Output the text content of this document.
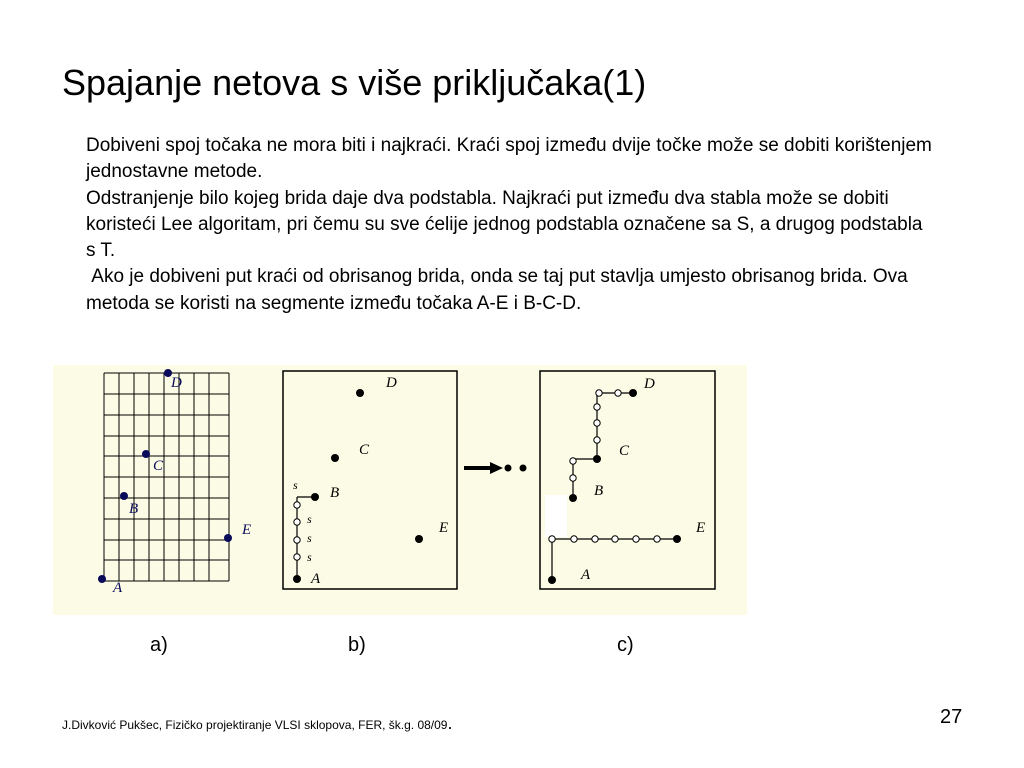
Spajanje netova s više priključaka(1)

Dobiveni spoj točaka ne mora biti i najkraći. Kraći spoj između dvije točke može se dobiti korištenjem jednostavne metode.

Odstranjenje bilo kojeg brida daje dva podstabla. Najkraći put između dva stabla može se dobiti koristeći Lee algoritam, pri čemu su sve ćelije jednog podstabla označene sa S, a drugog podstabla s T.

Ako je dobiveni put kraći od obrisanog brida, onda se taj put stavlja umjesto obrisanog brida. Ova metoda se koristi na segmente između točaka A-E i B-C-D.

D
C
B
E
A
D
C
B
E
A
s
s
s
s
D
C
B
E
A
a)	b)	c)
J.Divković Pukšec, Fizičko projektiranje VLSI sklopova, FER, šk.g. 08/09.	27
